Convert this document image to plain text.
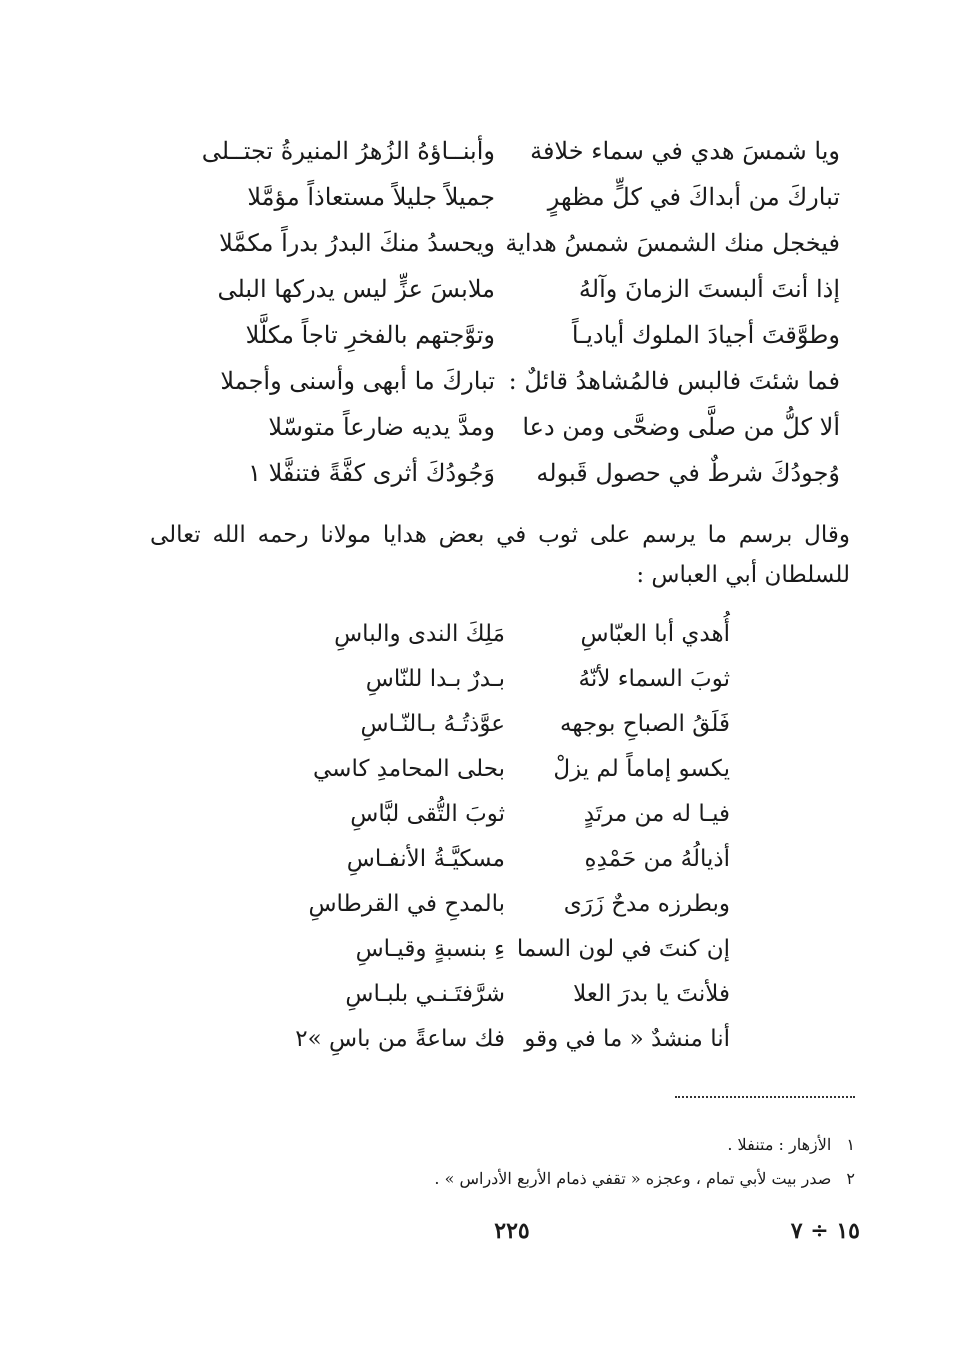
ويا شمسَ هدي في سماء خلافة
وأبنــاؤهُ الزُهرُ المنيرةُ تجتــلى
تباركَ من أبداكَ في كلٍّ مظهرٍ
جميلاً جليلاً مستعاذاً مؤمَّلا
فيخجل منك الشمسَ شمسُ هداية
ويحسدُ منكَ البدرُ بدراً مكمَّلا
إذا أنتَ ألبستَ الزمانَ وآلهُ
ملابسَ عزٍّ ليس يدركها البلى
وطوَّقتَ أجيادَ الملوك أياديـاً
وتوَّجتهم بالفخرِ تاجاً مكلَّلا
فما شئتَ فالبس فالمُشاهدُ قائلٌ :
تباركَ ما أبهى وأسنى وأجملا
ألا كلُّ من صلَّى وضحَّى ومن دعا
ومدَّ يديه ضارعاً متوسّلا
وُجودُكَ شرطٌ في حصول قَبوله
وَجُودُكَ أثرى كفَّةً فتنفَّلا ١

وقال برسم ما يرسم على ثوب في بعض هدايا مولانا رحمه الله تعالى للسلطان أبي العباس :

أُهدي أبا العبّاسِ
مَلِكَ الندى والباسِ
ثوبَ السماء لأنّهُ
بـدرٌ بـدا للنّاسِ
فَلَقُ الصباحِ بوجهه
عوَّذتُـهُ بـالنّـاسِ
يكسو إماماً لم يزلْ
بحلى المحامدِ كاسي
فيـا له من مرتَدٍ
ثوبَ التُّقى لبَّاسِ
أذيالُهُ من حَمْدِهِ
مسكيَّـةُ الأنفـاسِ
وبطرزه مدحٌ زَرَى
بالمدحِ في القرطاسِ
إن كنتَ في لون السما
ءِ بنسبةٍ وقيـاسِ
فلأنتَ يا بدرَ العلا
شرَّفتَـنـي بلبـاسِ
أنا منشدٌ « ما في وقو
فك ساعةً من باسِ »٢
١ الأزهار : متنفلا .
٢ صدر بيت لأبي تمام ، وعجزه « تقفي ذمام الأربع الأدراس » .
٢٢٥	١٥ ÷ ٧
